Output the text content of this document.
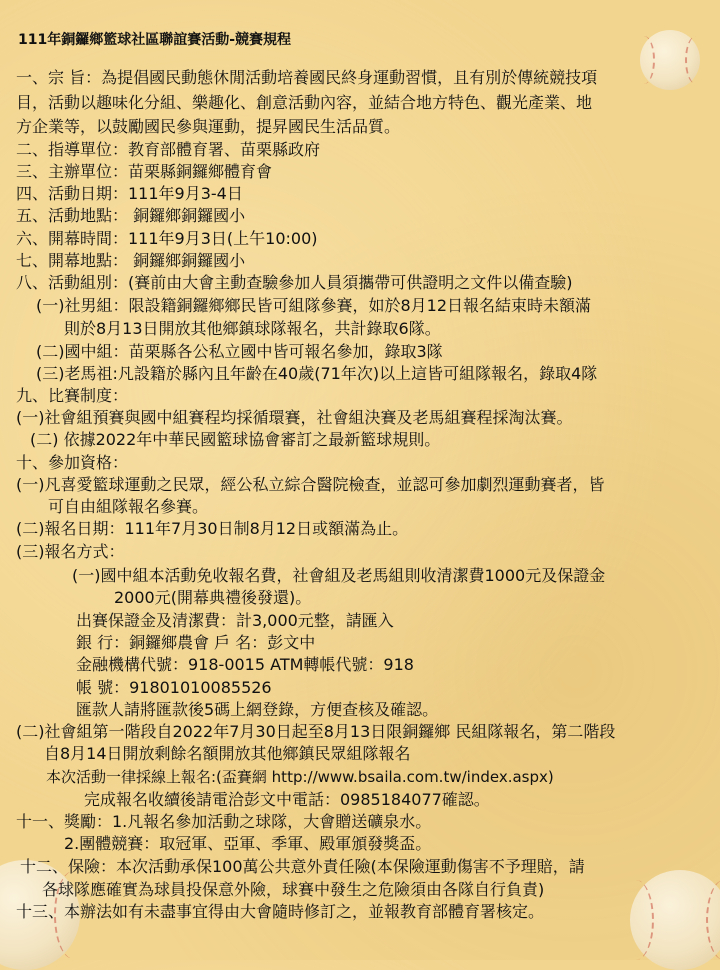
111年銅鑼鄉籃球社區聯誼賽活動-競賽規程
一、宗 旨：為提倡國民動態休閒活動培養國民終身運動習慣，且有別於傳統競技項
目，活動以趣味化分組、樂趣化、創意活動內容，並結合地方特色、觀光產業、地
方企業等，以鼓勵國民參與運動，提昇國民生活品質。
二、指導單位：教育部體育署、苗栗縣政府
三、主辦單位：苗栗縣銅鑼鄉體育會
四、活動日期：111年9月3-4日
五、活動地點： 銅鑼鄉銅鑼國小
六、開幕時間：111年9月3日(上午10:00)
七、開幕地點： 銅鑼鄉銅鑼國小
八、活動組別：(賽前由大會主動查驗參加人員須攜帶可供證明之文件以備查驗)
(一)社男組：限設籍銅鑼鄉鄉民皆可組隊參賽，如於8月12日報名結束時未額滿
則於8月13日開放其他鄉鎮球隊報名，共計錄取6隊。
(二)國中組：苗栗縣各公私立國中皆可報名參加，錄取3隊
(三)老馬祖:凡設籍於縣內且年齡在40歲(71年次)以上這皆可組隊報名，錄取4隊
九、比賽制度：
(一)社會組預賽與國中組賽程均採循環賽，社會組決賽及老馬組賽程採淘汰賽。
(二) 依據2022年中華民國籃球協會審訂之最新籃球規則。
十、參加資格：
(一)凡喜愛籃球運動之民眾，經公私立綜合醫院檢查，並認可參加劇烈運動賽者，皆
可自由組隊報名參賽。
(二)報名日期：111年7月30日制8月12日或額滿為止。
(三)報名方式：
(一)國中組本活動免收報名費，社會組及老馬組則收清潔費1000元及保證金
2000元(開幕典禮後發還)。
出賽保證金及清潔費：計3,000元整，請匯入
銀 行：銅鑼鄉農會 戶 名：彭文中
金融機構代號：918-0015 ATM轉帳代號：918
帳 號：91801010085526
匯款人請將匯款後5碼上網登錄，方便查核及確認。
(二)社會組第一階段自2022年7月30日起至8月13日限銅鑼鄉 民組隊報名，第二階段
自8月14日開放剩餘名額開放其他鄉鎮民眾組隊報名
本次活動一律採線上報名:(盃賽網 http://www.bsaila.com.tw/index.aspx)
完成報名收續後請電洽彭文中電話：0985184077確認。
十一、獎勵：1.凡報名參加活動之球隊，大會贈送礦泉水。
2.團體競賽：取冠軍、亞軍、季軍、殿軍頒發獎盃。
十二、保險：本次活動承保100萬公共意外責任險(本保險運動傷害不予理賠，請
各球隊應確實為球員投保意外險，球賽中發生之危險須由各隊自行負責)
十三、本辦法如有未盡事宜得由大會隨時修訂之，並報教育部體育署核定。
